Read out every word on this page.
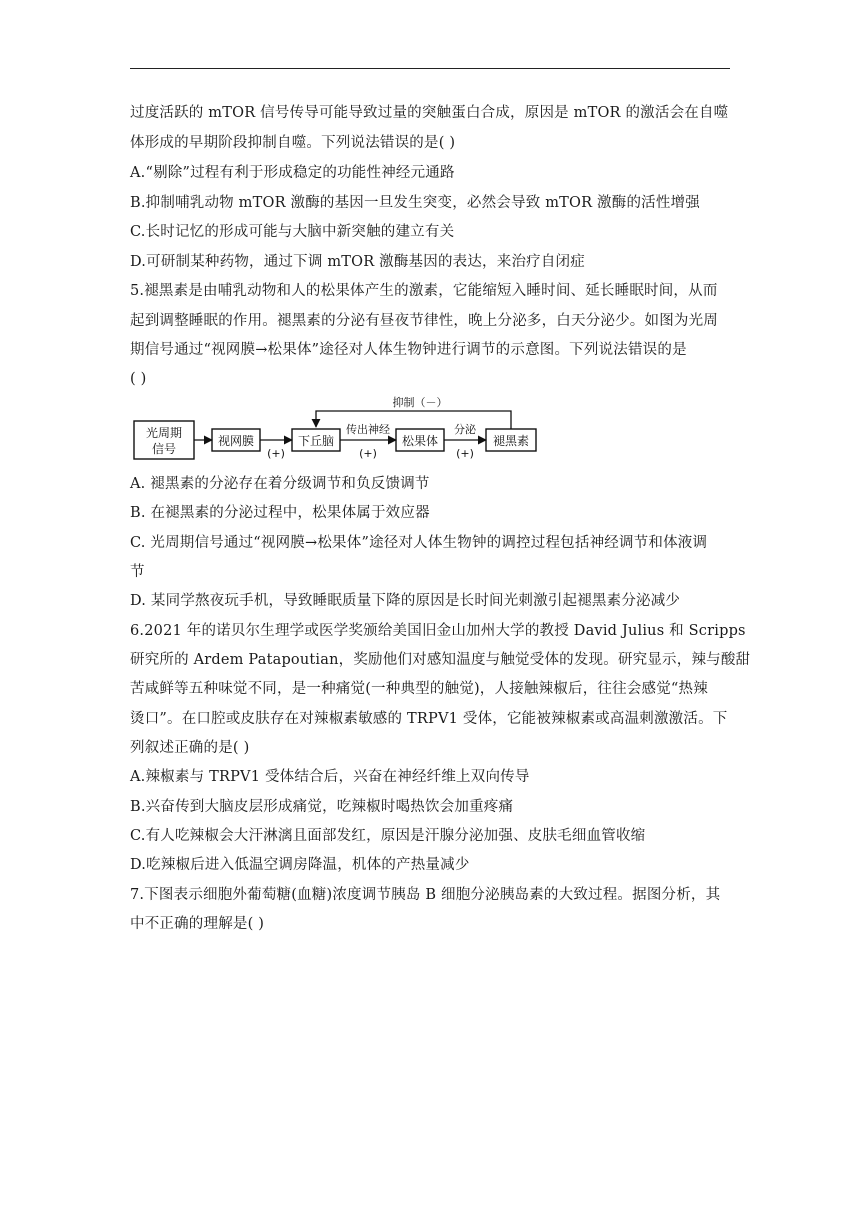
过度活跃的 mTOR 信号传导可能导致过量的突触蛋白合成，原因是 mTOR 的激活会在自噬
体形成的早期阶段抑制自噬。下列说法错误的是( )
A.“剔除”过程有利于形成稳定的功能性神经元通路
B.抑制哺乳动物 mTOR 激酶的基因一旦发生突变，必然会导致 mTOR 激酶的活性增强
C.长时记忆的形成可能与大脑中新突触的建立有关
D.可研制某种药物，通过下调 mTOR 激酶基因的表达，来治疗自闭症
5.褪黑素是由哺乳动物和人的松果体产生的激素，它能缩短入睡时间、延长睡眠时间，从而
起到调整睡眠的作用。褪黑素的分泌有昼夜节律性，晚上分泌多，白天分泌少。如图为光周
期信号通过“视网膜→松果体”途径对人体生物钟进行调节的示意图。下列说法错误的是
( )
A. 褪黑素的分泌存在着分级调节和负反馈调节
B. 在褪黑素的分泌过程中，松果体属于效应器
C. 光周期信号通过“视网膜→松果体”途径对人体生物钟的调控过程包括神经调节和体液调
节
D. 某同学熬夜玩手机，导致睡眠质量下降的原因是长时间光刺激引起褪黑素分泌减少
6.2021 年的诺贝尔生理学或医学奖颁给美国旧金山加州大学的教授 David Julius 和 Scripps
研究所的 Ardem Patapoutian，奖励他们对感知温度与触觉受体的发现。研究显示，辣与酸甜
苦咸鲜等五种味觉不同，是一种痛觉(一种典型的触觉)，人接触辣椒后，往往会感觉“热辣
烫口”。在口腔或皮肤存在对辣椒素敏感的 TRPV1 受体，它能被辣椒素或高温刺激激活。下
列叙述正确的是( )
A.辣椒素与 TRPV1 受体结合后，兴奋在神经纤维上双向传导
B.兴奋传到大脑皮层形成痛觉，吃辣椒时喝热饮会加重疼痛
C.有人吃辣椒会大汗淋漓且面部发红，原因是汗腺分泌加强、皮肤毛细血管收缩
D.吃辣椒后进入低温空调房降温，机体的产热量减少
7.下图表示细胞外葡萄糖(血糖)浓度调节胰岛 B 细胞分泌胰岛素的大致过程。据图分析，其
中不正确的理解是( )
光周期
信号
视网膜
(+)
下丘脑
传出神经
(+)
松果体
分泌
(+)
褪黑素
抑制（－）
